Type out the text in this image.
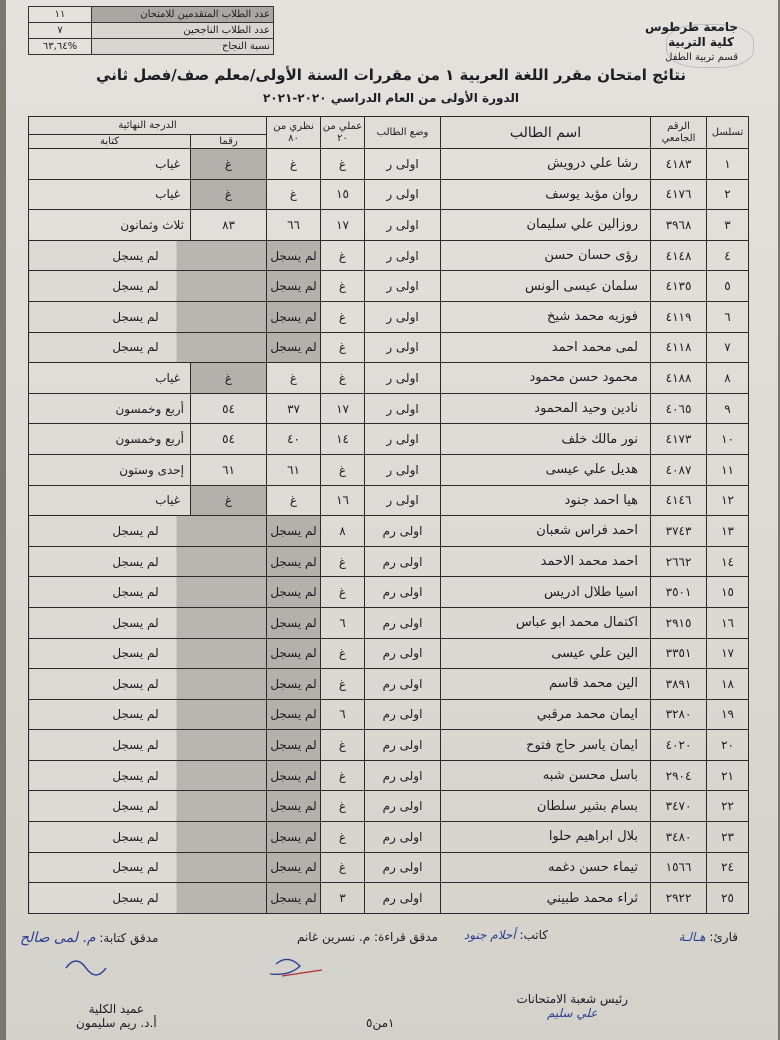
عدد الطلاب المتقدمين للامتحان	١١
عدد الطلاب الناجحين	٧
نسبة النجاح	٦٣,٦٤%
جامعة طرطوس
كلية التربية
قسم تربية الطفل
نتائج امتحان مقرر اللغة العربية ١ من مقررات السنة الأولى/معلم صف/فصل ثاني
الدورة الأولى من العام الدراسي ٢٠٢٠-٢٠٢١
تسلسل	الرقم الجامعي	اسم الطالب	وضع الطالب	عملي من ٢٠	نظري من ٨٠	الدرجة النهائية	
						رقما	كتابة
١	٤١٨٣	رشا علي درويش	اولى ر	غ	غ	غ	غياب
٢	٤١٧٦	روان مؤيد يوسف	اولى ر	١٥	غ	غ	غياب
٣	٣٩٦٨	روزالين علي سليمان	اولى ر	١٧	٦٦	٨٣	ثلاث وثمانون
٤	٤١٤٨	رؤى حسان حسن	اولى ر	غ	لم يسجل	لم يسجل	
٥	٤١٣٥	سلمان عيسى الونس	اولى ر	غ	لم يسجل	لم يسجل	
٦	٤١١٩	فوزيه محمد شيخ	اولى ر	غ	لم يسجل	لم يسجل	
٧	٤١١٨	لمى محمد احمد	اولى ر	غ	لم يسجل	لم يسجل	
٨	٤١٨٨	محمود حسن محمود	اولى ر	غ	غ	غ	غياب
٩	٤٠٦٥	نادين وحيد المحمود	اولى ر	١٧	٣٧	٥٤	أربع وخمسون
١٠	٤١٧٣	نور مالك خلف	اولى ر	١٤	٤٠	٥٤	أربع وخمسون
١١	٤٠٨٧	هديل علي عيسى	اولى ر	غ	٦١	٦١	إحدى وستون
١٢	٤١٤٦	هيا احمد جنود	اولى ر	١٦	غ	غ	غياب
١٣	٣٧٤٣	احمد فراس شعبان	اولى رم	٨	لم يسجل	لم يسجل	
١٤	٢٦٦٢	احمد محمد الاحمد	اولى رم	غ	لم يسجل	لم يسجل	
١٥	٣٥٠١	اسيا طلال ادريس	اولى رم	غ	لم يسجل	لم يسجل	
١٦	٢٩١٥	اكتمال محمد ابو عباس	اولى رم	٦	لم يسجل	لم يسجل	
١٧	٣٣٥١	الين علي عيسى	اولى رم	غ	لم يسجل	لم يسجل	
١٨	٣٨٩١	الين محمد قاسم	اولى رم	غ	لم يسجل	لم يسجل	
١٩	٣٢٨٠	ايمان محمد مرقبي	اولى رم	٦	لم يسجل	لم يسجل	
٢٠	٤٠٢٠	ايمان ياسر حاج فتوح	اولى رم	غ	لم يسجل	لم يسجل	
٢١	٢٩٠٤	باسل محسن شبه	اولى رم	غ	لم يسجل	لم يسجل	
٢٢	٣٤٧٠	بسام بشير سلطان	اولى رم	غ	لم يسجل	لم يسجل	
٢٣	٣٤٨٠	بلال ابراهيم حلوا	اولى رم	غ	لم يسجل	لم يسجل	
٢٤	١٥٦٦	تيماء حسن دغمه	اولى رم	غ	لم يسجل	لم يسجل	
٢٥	٢٩٢٢	ثراء محمد طبيني	اولى رم	٣	لم يسجل	لم يسجل	
قارئ: هـالـة
كاتب: أحلام جنود
مدقق قراءة: م. نسرين غانم
مدقق كتابة: م. لمى صالح
رئيس شعبة الامتحانات
علي سليم
عميد الكلية
أ.د. ريم سليمون	١من٥
